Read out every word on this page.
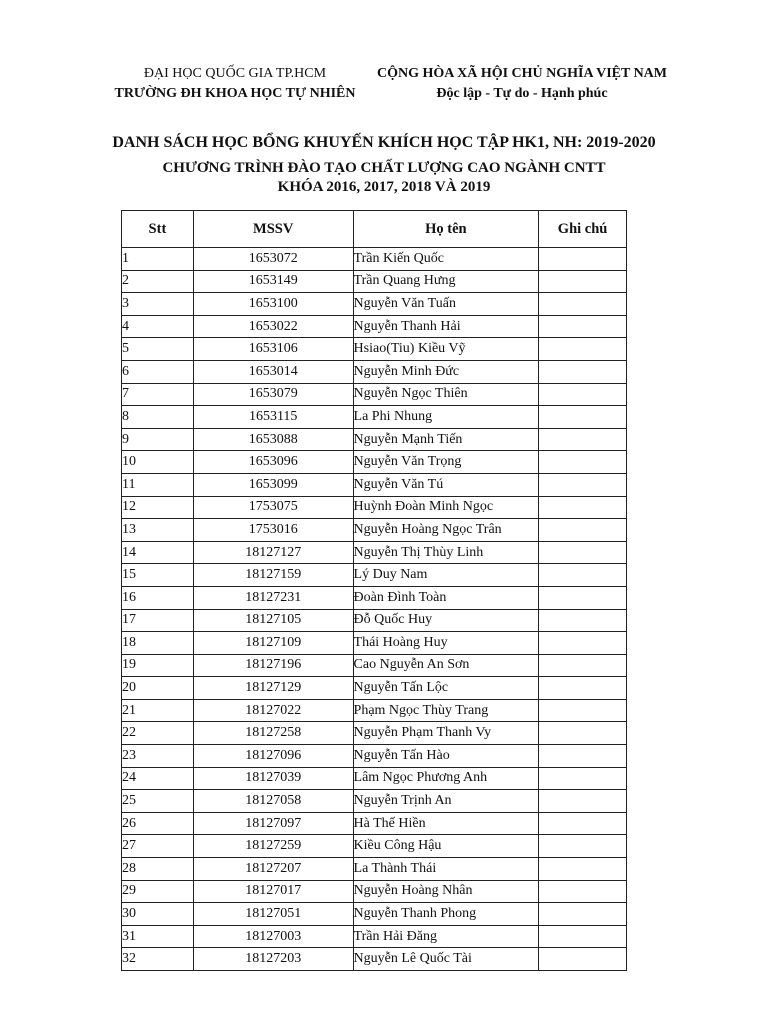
ĐẠI HỌC QUỐC GIA TP.HCM
TRƯỜNG ĐH KHOA HỌC TỰ NHIÊN
CỘNG HÒA XÃ HỘI CHỦ NGHĨA VIỆT NAM
Độc lập - Tự do - Hạnh phúc
DANH SÁCH HỌC BỔNG KHUYẾN KHÍCH HỌC TẬP HK1, NH: 2019-2020
CHƯƠNG TRÌNH ĐÀO TẠO CHẤT LƯỢNG CAO NGÀNH CNTT
KHÓA 2016, 2017, 2018 VÀ 2019
Stt	MSSV	Họ tên	Ghi chú
1	1653072	Trần Kiến Quốc	
2	1653149	Trần Quang Hưng	
3	1653100	Nguyễn Văn Tuấn	
4	1653022	Nguyễn Thanh Hải	
5	1653106	Hsiao(Tiu) Kiều Vỹ	
6	1653014	Nguyễn Minh Đức	
7	1653079	Nguyễn Ngọc Thiên	
8	1653115	La Phi Nhung	
9	1653088	Nguyễn Mạnh Tiến	
10	1653096	Nguyễn Văn Trọng	
11	1653099	Nguyễn Văn Tú	
12	1753075	Huỳnh Đoàn Minh Ngọc	
13	1753016	Nguyễn Hoàng Ngọc Trân	
14	18127127	Nguyễn Thị Thùy Linh	
15	18127159	Lý Duy Nam	
16	18127231	Đoàn Đình Toàn	
17	18127105	Đỗ Quốc Huy	
18	18127109	Thái Hoàng Huy	
19	18127196	Cao Nguyễn An Sơn	
20	18127129	Nguyễn Tấn Lộc	
21	18127022	Phạm Ngọc Thùy Trang	
22	18127258	Nguyễn Phạm Thanh Vy	
23	18127096	Nguyễn Tấn Hào	
24	18127039	Lâm Ngọc Phương Anh	
25	18127058	Nguyễn Trịnh An	
26	18127097	Hà Thế Hiền	
27	18127259	Kiều Công Hậu	
28	18127207	La Thành Thái	
29	18127017	Nguyễn Hoàng Nhân	
30	18127051	Nguyễn Thanh Phong	
31	18127003	Trần Hải Đăng	
32	18127203	Nguyễn Lê Quốc Tài	
